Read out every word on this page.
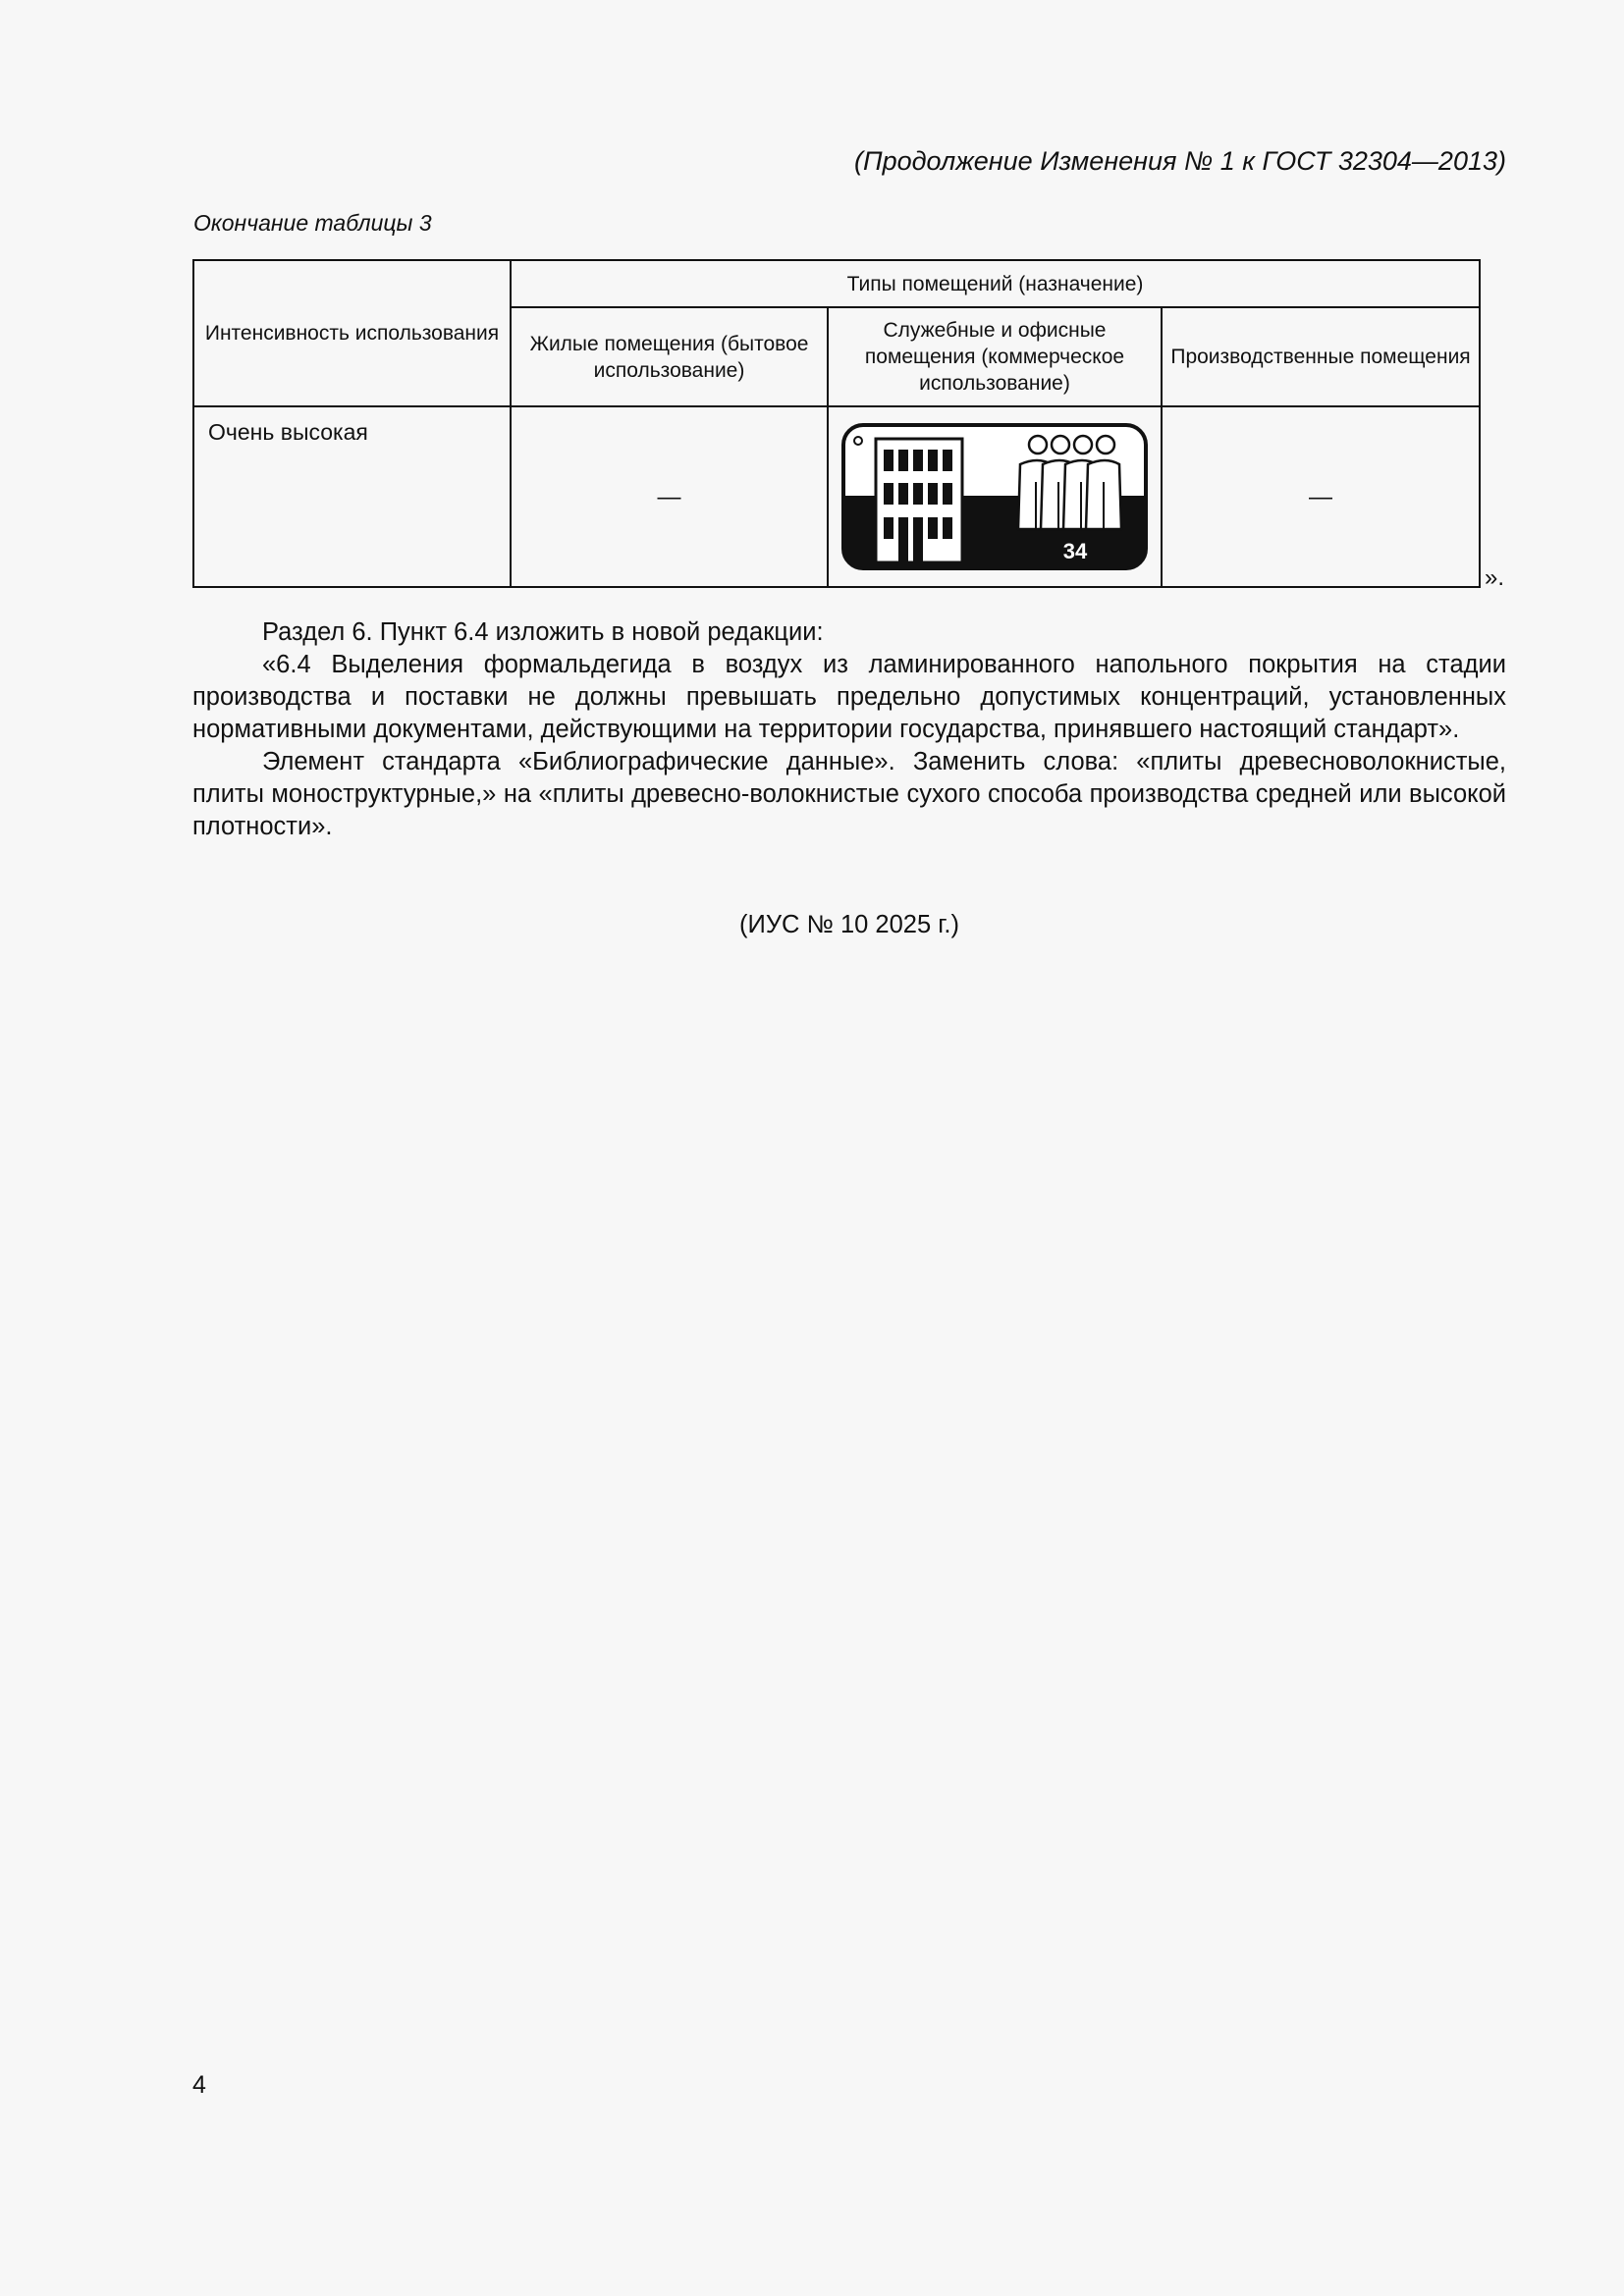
(Продолжение Изменения № 1 к ГОСТ 32304—2013)
Окончание таблицы 3
Интенсивность использования	Типы помещений (назначение)		
	Жилые помещения (бытовое использование)	Служебные и офисные помещения (коммерческое использование)	Производственные помещения
Очень высокая	—	34	—
».

Раздел 6. Пункт 6.4 изложить в новой редакции:

«6.4 Выделения формальдегида в воздух из ламинированного напольного покрытия на стадии производства и поставки не должны превышать предельно допустимых концентраций, установленных нормативными документами, действующими на территории государства, принявшего настоящий стандарт».

Элемент стандарта «Библиографические данные». Заменить слова: «плиты древесноволокнистые, плиты моноструктурные,» на «плиты древесно-волокнистые сухого способа производства средней или высокой плотности».

(ИУС № 10 2025 г.)
4
